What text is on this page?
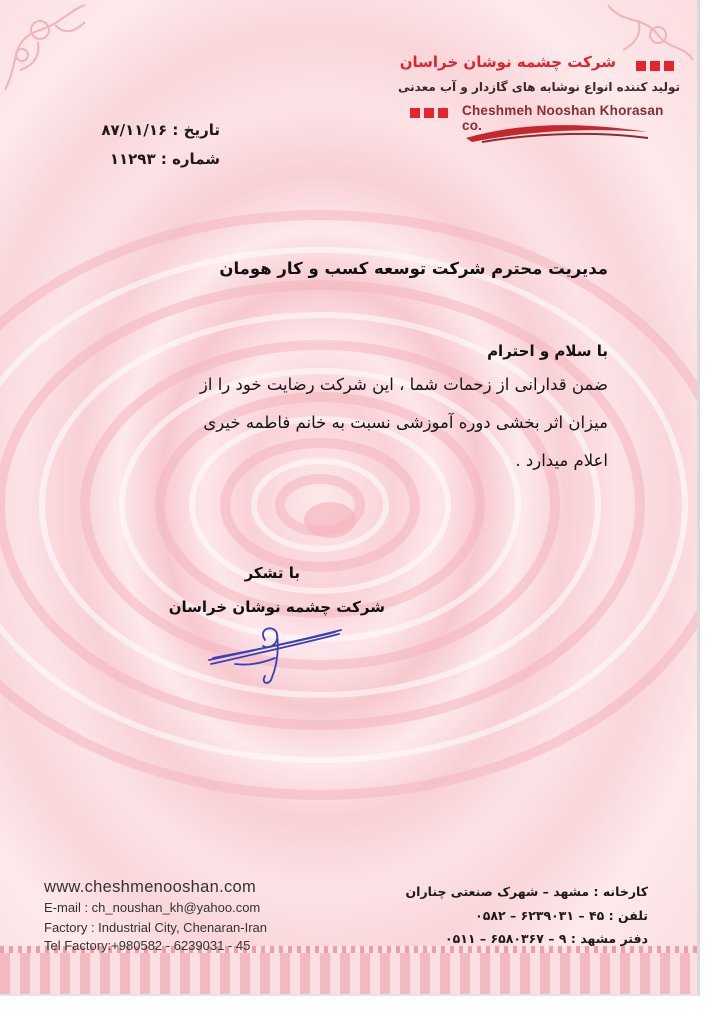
شرکت چشمه نوشان خراسان
تولید کننده انواع نوشابه های گازدار و آب معدنی
Cheshmeh Nooshan Khorasan co.
تاریخ : ۸۷/۱۱/۱۶
شماره : ۱۱۲۹۳
مدیریت محترم شرکت توسعه کسب و کار هومان
با سلام و احترام
ضمن قدارانی از زحمات شما ، این شرکت رضایت خود را از
میزان اثر بخشی دوره آموزشی نسبت به خانم فاطمه خیری
اعلام میدارد .
با تشکر
شرکت چشمه نوشان خراسان
www.cheshmenooshan.com
E-mail : ch_noushan_kh@yahoo.com
Factory : Industrial City, Chenaran-Iran
Tel Factory:+980582 - 6239031 - 45
کارخانه : مشهد – شهرک صنعتی چناران
تلفن : ۴۵ – ۶۲۳۹۰۳۱ – ۰۵۸۲
دفتر مشهد : ۹ – ۶۵۸۰۳۶۷ – ۰۵۱۱
